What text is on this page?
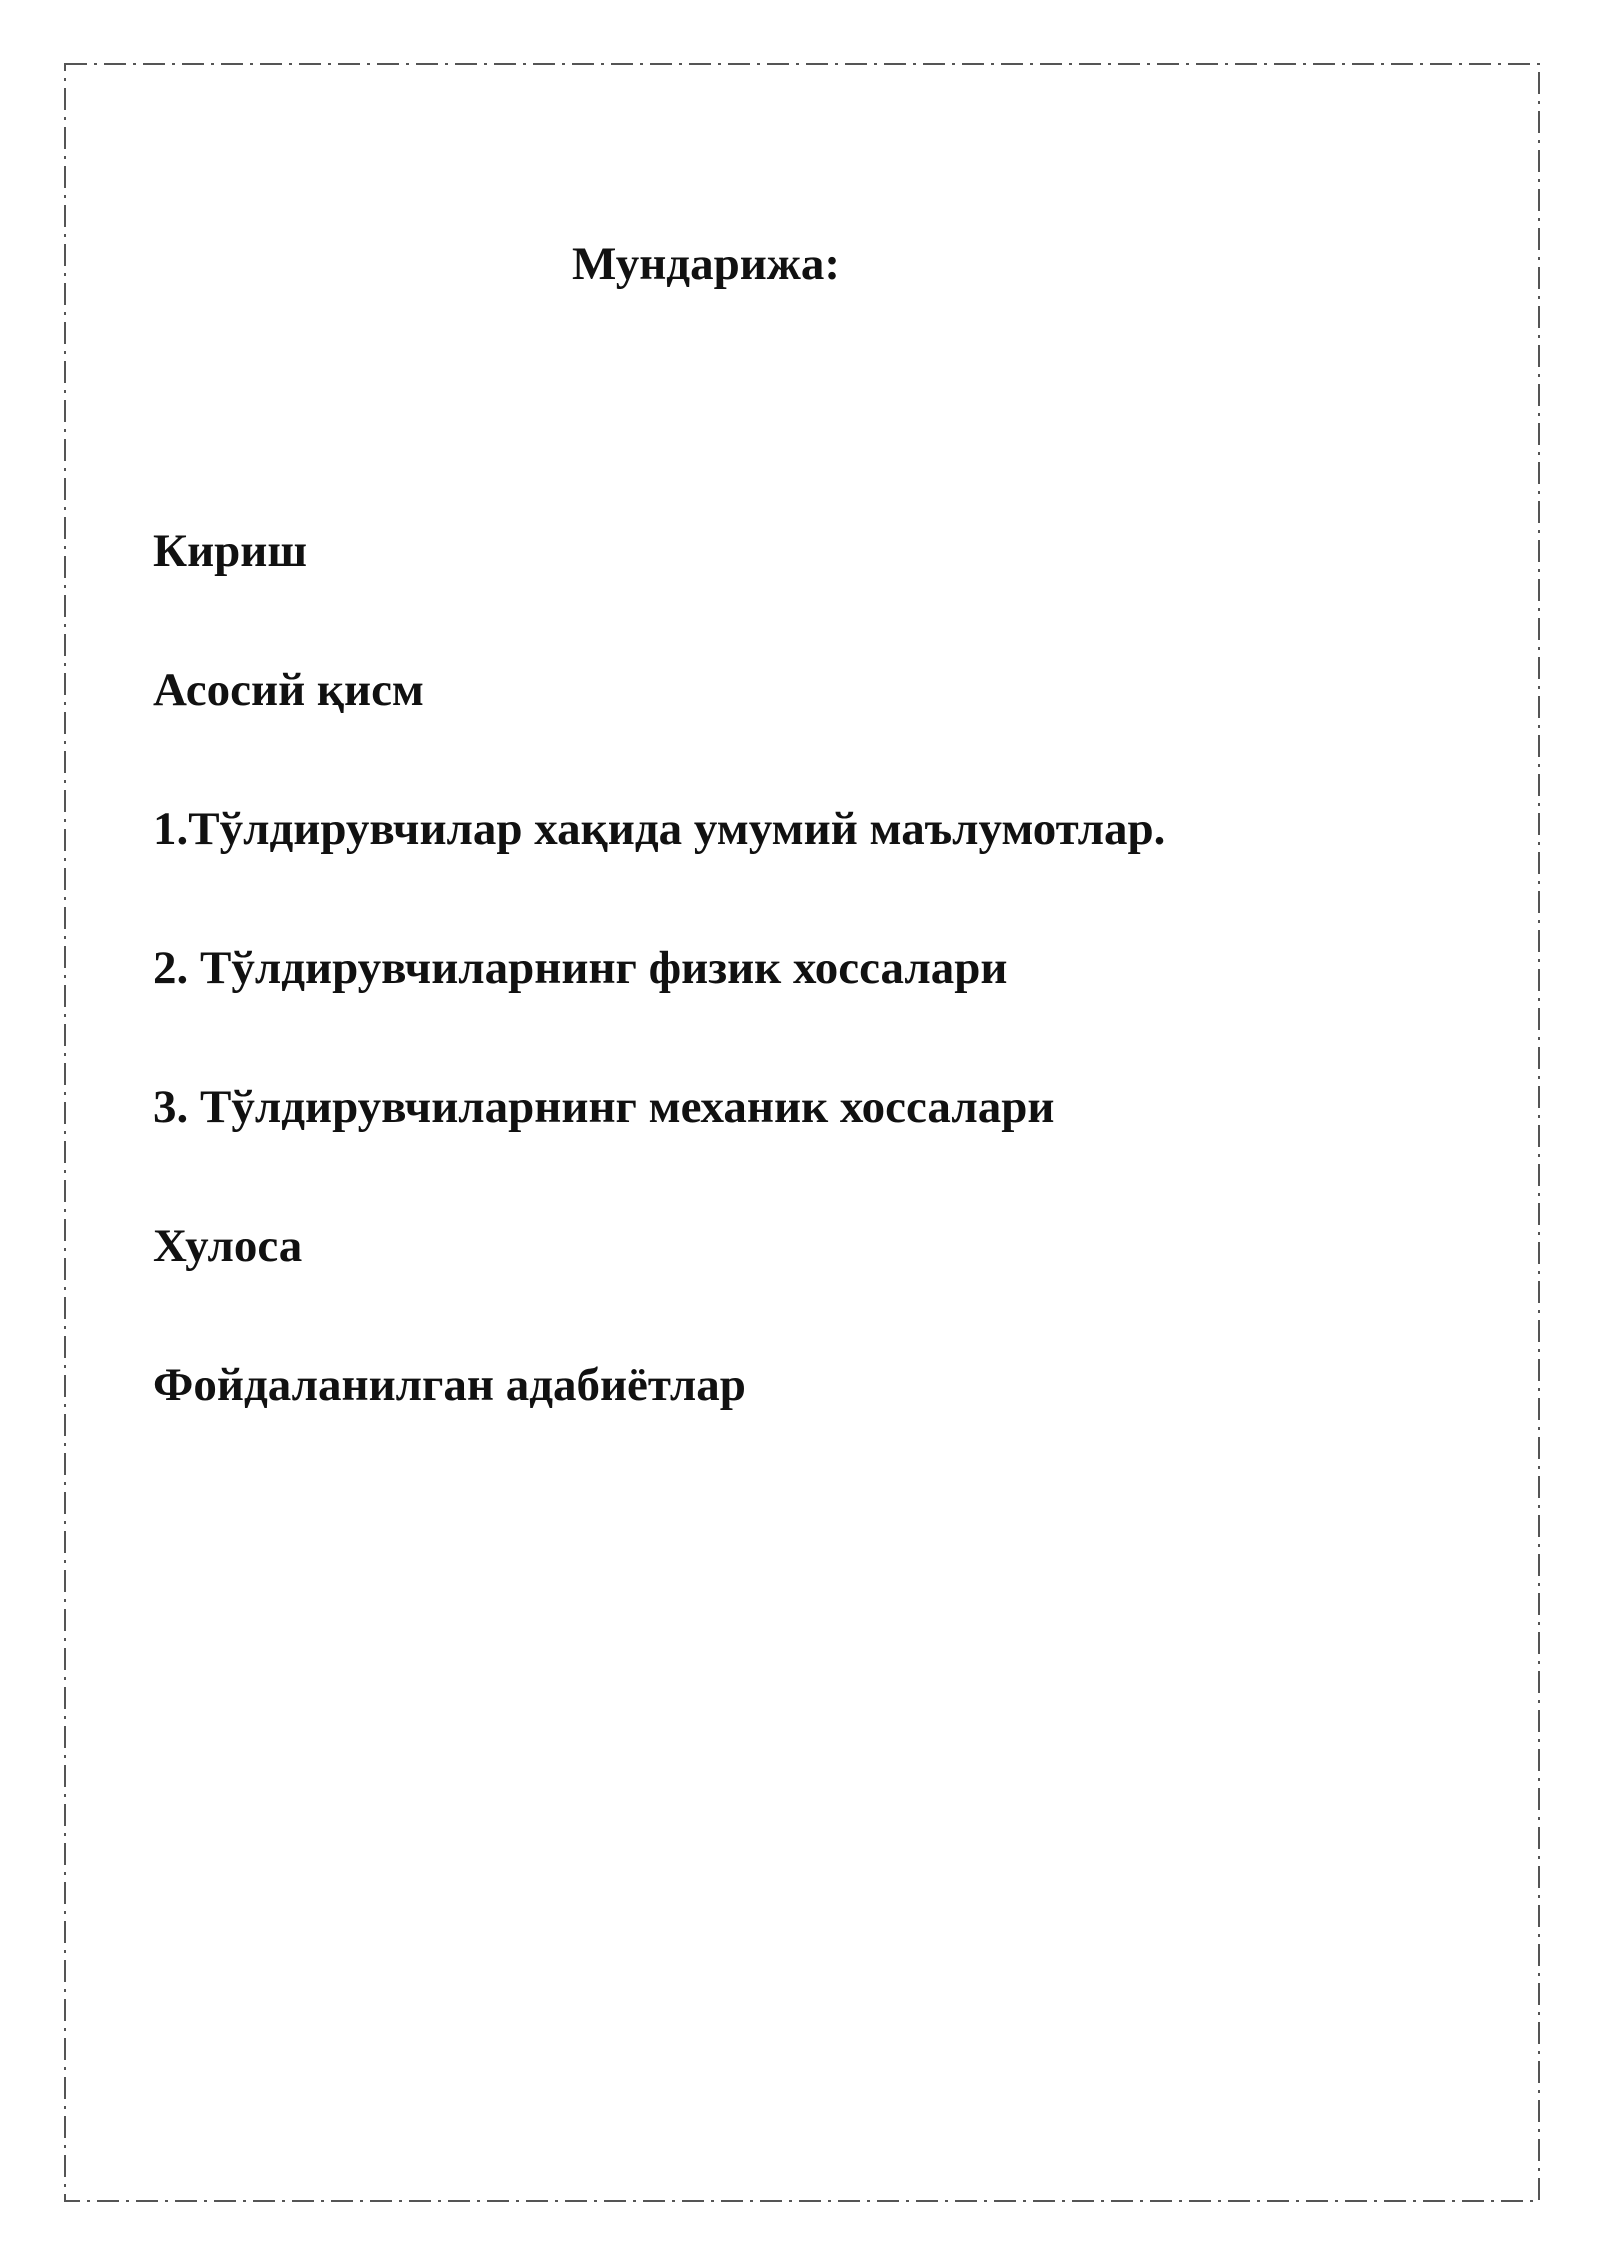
Мундарижа:
Кириш
Асосий қисм
1.Тўлдирувчилар хақида умумий маълумотлар.
2. Тўлдирувчиларнинг физик хоссалари
3. Тўлдирувчиларнинг механик хоссалари
Хулоса
Фойдаланилган адабиётлар
